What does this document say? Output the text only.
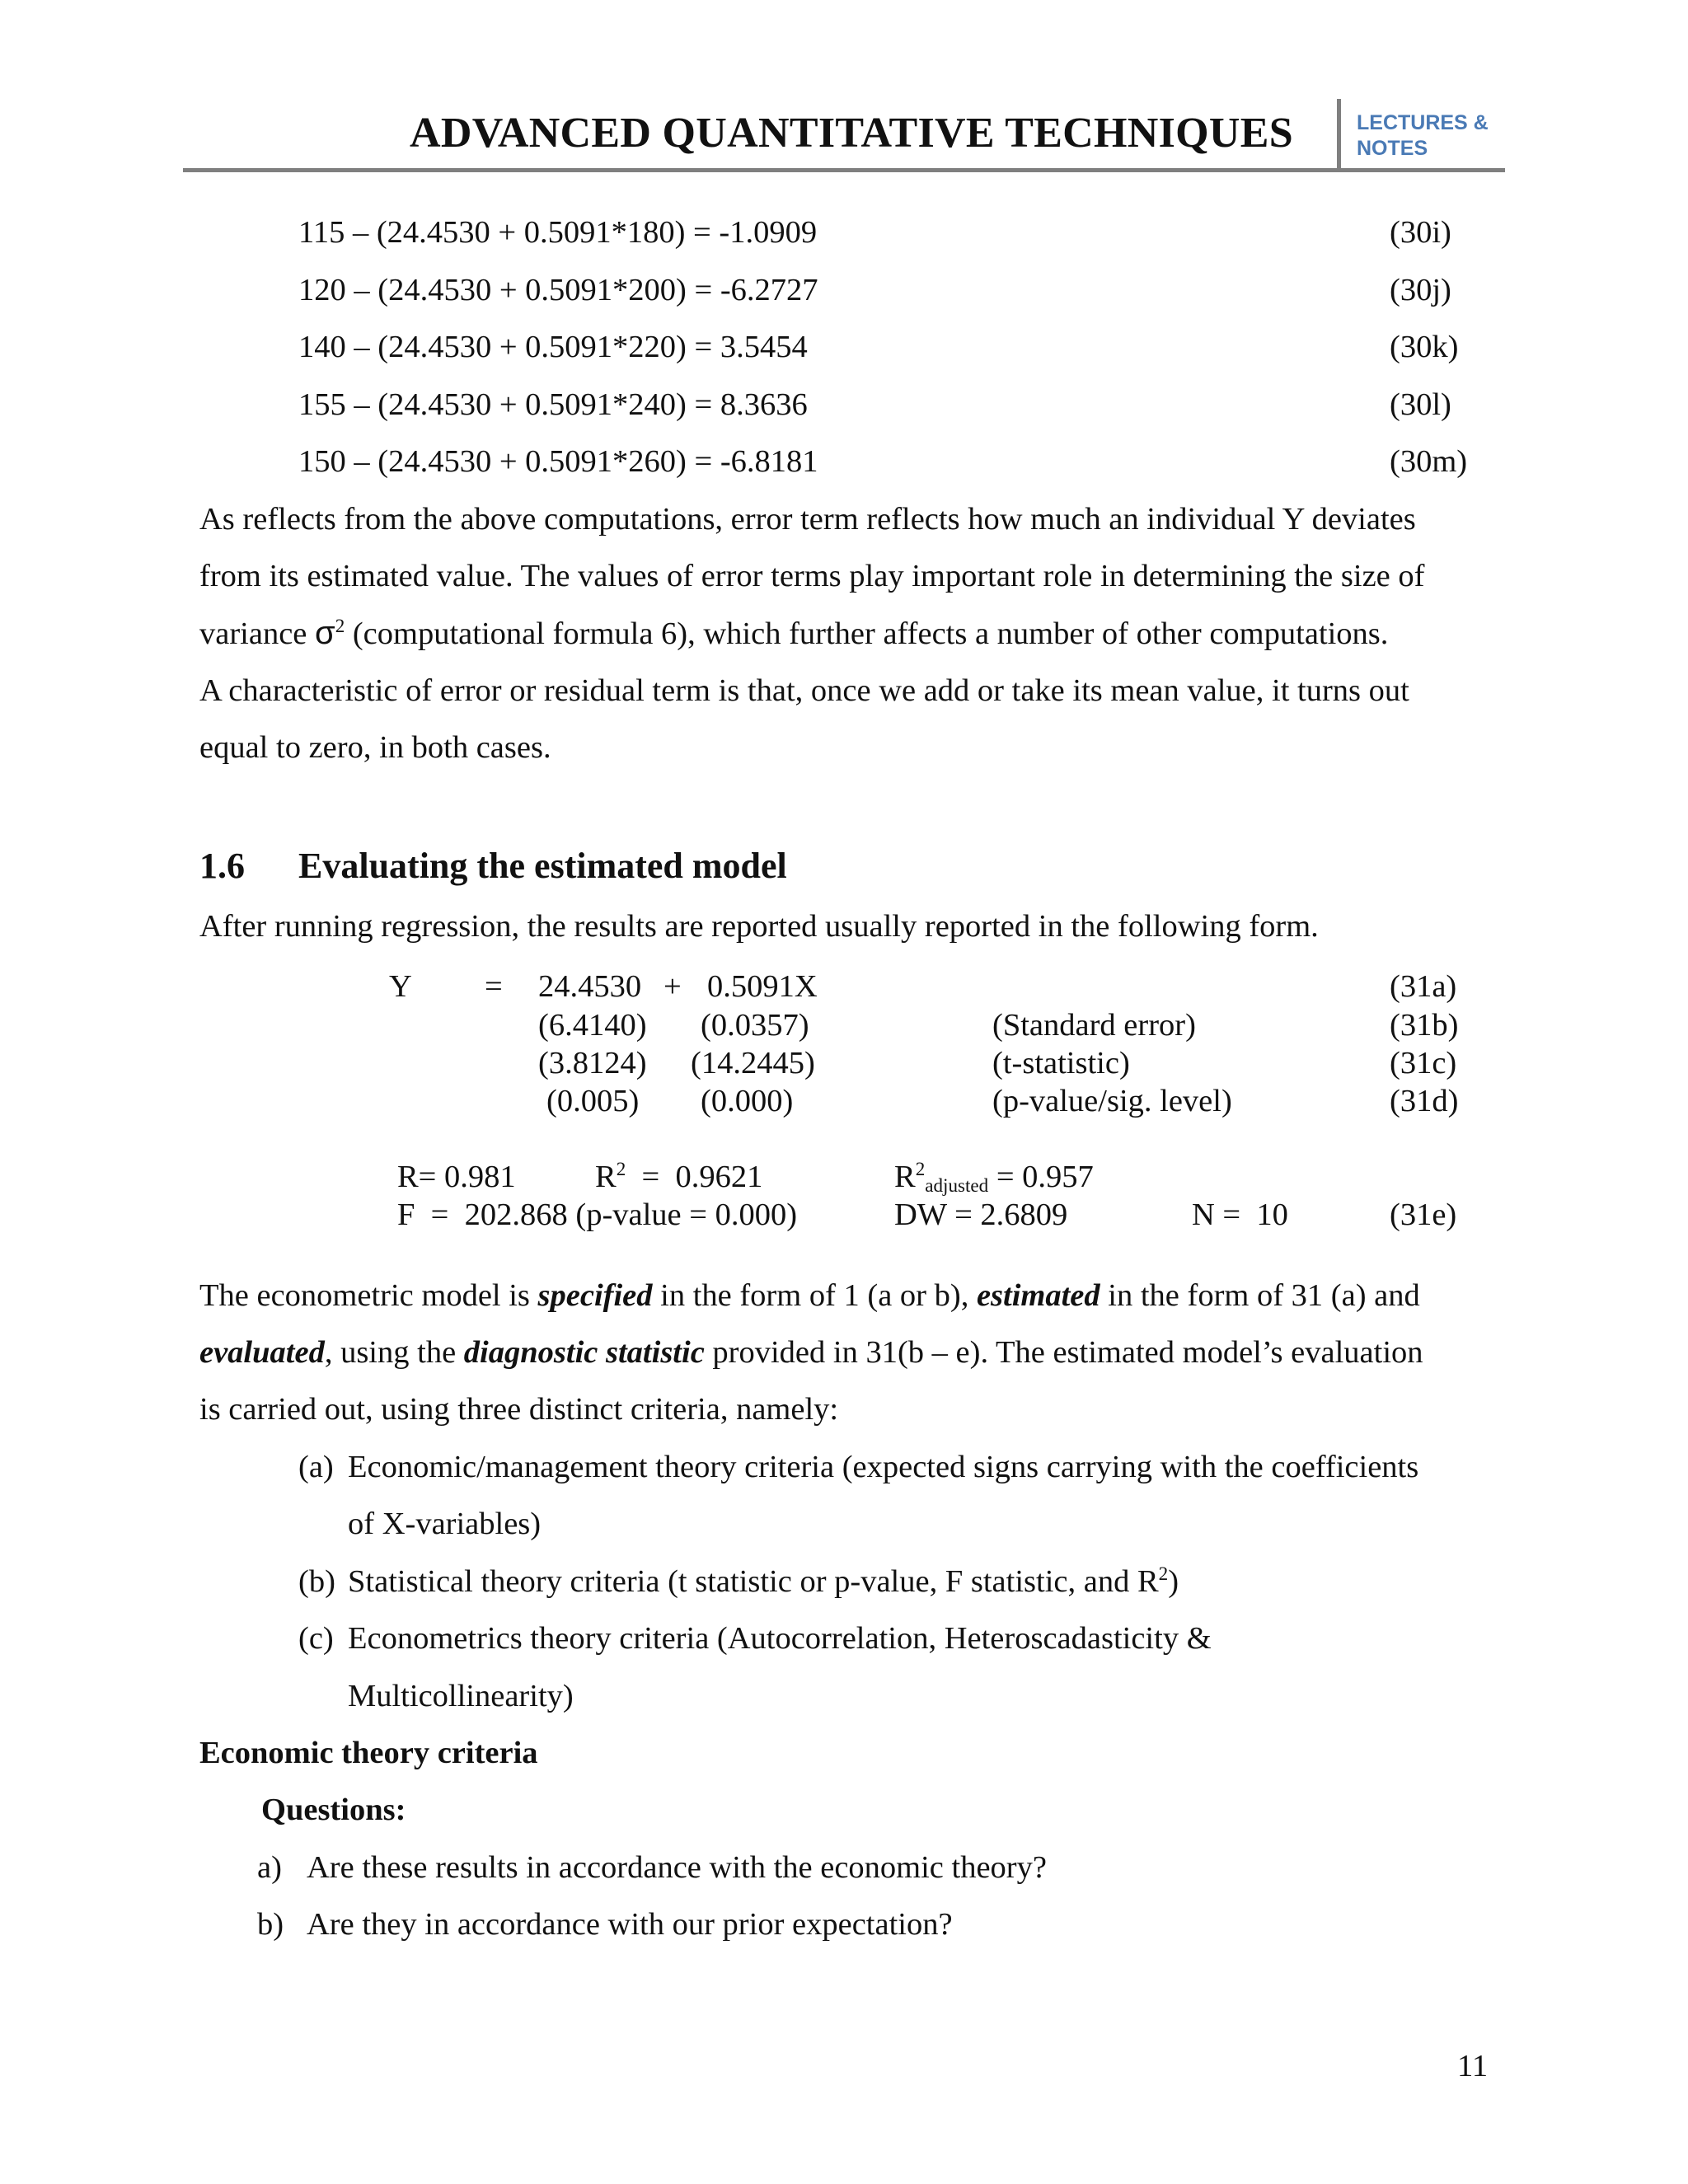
ADVANCED QUANTITATIVE TECHNIQUES	LECTURES &
NOTES
115 – (24.4530 + 0.5091*180) = -1.0909	(30i)
120 – (24.4530 + 0.5091*200) = -6.2727	(30j)
140 – (24.4530 + 0.5091*220) = 3.5454	(30k)
155 – (24.4530 + 0.5091*240) = 8.3636	(30l)
150 – (24.4530 + 0.5091*260) = -6.8181	(30m)
As reflects from the above computations, error term reflects how much an individual Y deviates
from its estimated value. The values of error terms play important role in determining the size of
variance $\sigma^2$ (computational formula 6), which further affects a number of other computations.
A characteristic of error or residual term is that, once we add or take its mean value, it turns out
equal to zero, in both cases.
1.6 Evaluating the estimated model
After running regression, the results are reported usually reported in the following form.
Y = 24.4530 + 0.5091X	(31a)
(6.4140) (0.0357)	(Standard error)	(31b)
(3.8124) (14.2445)	(t-statistic)	(31c)
(0.005) (0.000)	(p-value/sig. level)	(31d)
R= 0.981	$R^2 = 0.9621$	$R^2_{adjusted} = 0.957$
F  =  202.868 (p-value = 0.000)	DW = 2.6809	N =  10	(31e)
The econometric model is specified in the form of 1 (a or b), estimated in the form of 31 (a) and
evaluated, using the diagnostic statistic provided in 31(b – e). The estimated model’s evaluation
is carried out, using three distinct criteria, namely:
(a) Economic/management theory criteria (expected signs carrying with the coefficients
of X-variables)
(b) Statistical theory criteria (t statistic or p-value, F statistic, and $R^2$)
(c) Econometrics theory criteria (Autocorrelation, Heteroscadasticity &
Multicollinearity)
Economic theory criteria
Questions:
a) Are these results in accordance with the economic theory?
b) Are they in accordance with our prior expectation?
11
